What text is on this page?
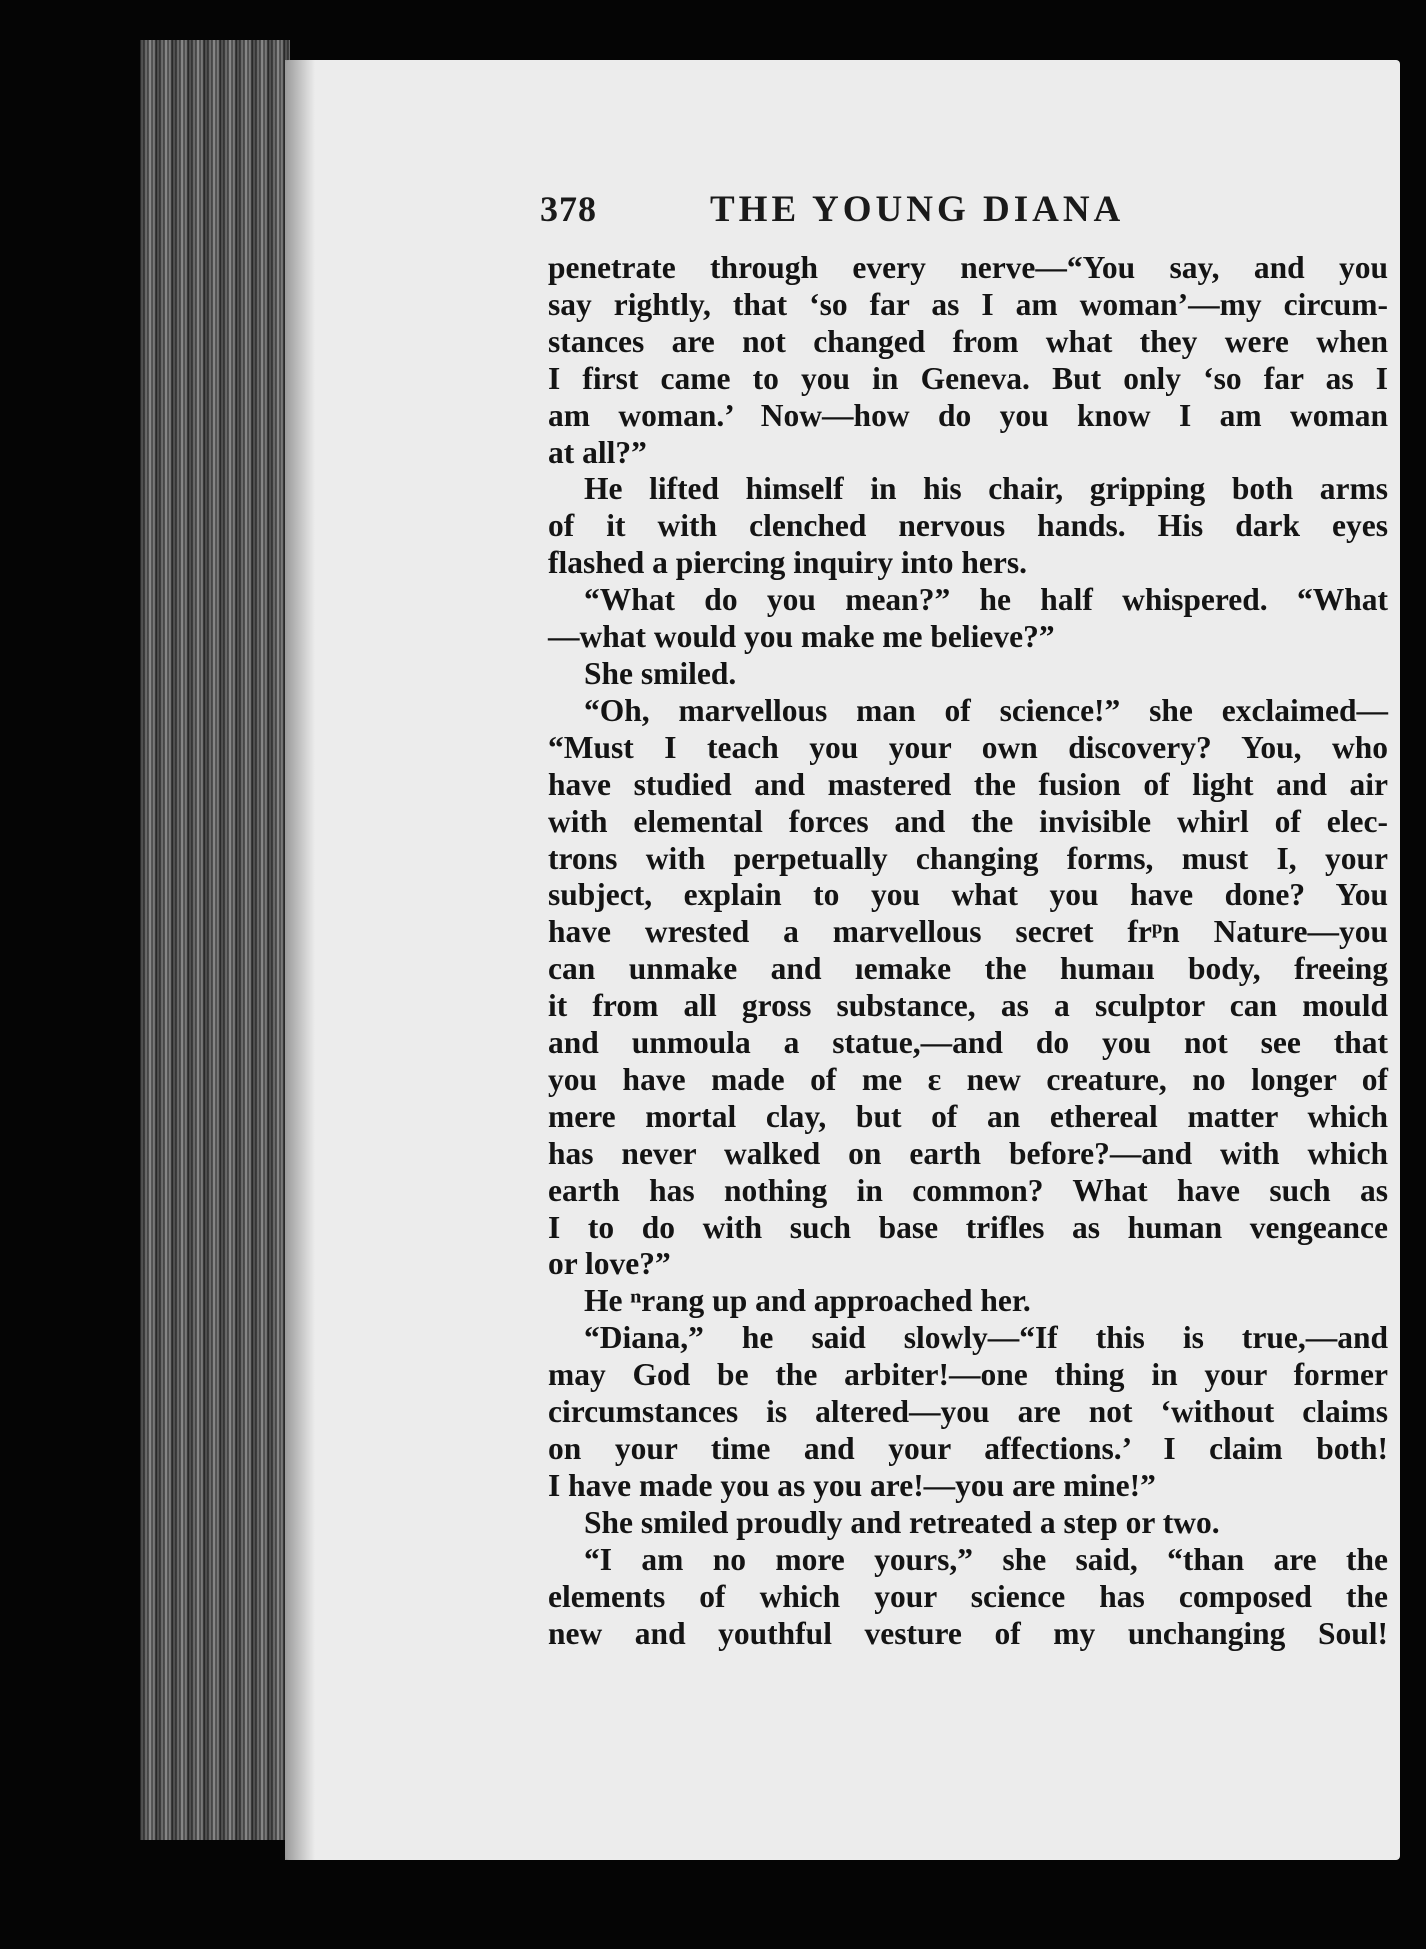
378	THE YOUNG DIANA
penetrate through every nerve—“You say, and you
say rightly, that ‘so far as I am woman’—my circum-
stances are not changed from what they were when
I first came to you in Geneva. But only ‘so far as I
am woman.’ Now—how do you know I am woman
at all?”
He lifted himself in his chair, gripping both arms
of it with clenched nervous hands. His dark eyes
flashed a piercing inquiry into hers.
“What do you mean?” he half whispered. “What
—what would you make me believe?”
She smiled.
“Oh, marvellous man of science!” she exclaimed—
“Must I teach you your own discovery? You, who
have studied and mastered the fusion of light and air
with elemental forces and the invisible whirl of elec-
trons with perpetually changing forms, must I, your
subject, explain to you what you have done? You
have wrested a marvellous secret frᵖn Nature—you
can unmake and ıemake the humaıı body, freeing
it from all gross substance, as a sculptor can mould
and unmoula a statue,—and do you not see that
you have made of me ɛ new creature, no longer of
mere mortal clay, but of an ethereal matter which
has never walked on earth before?—and with which
earth has nothing in common? What have such as
I to do with such base trifles as human vengeance
or love?”
He ⁿrang up and approached her.
“Diana,” he said slowly—“If this is true,—and
may God be the arbiter!—one thing in your former
circumstances is altered—you are not ‘without claims
on your time and your affections.’ I claim both!
I have made you as you are!—you are mine!”
She smiled proudly and retreated a step or two.
“I am no more yours,” she said, “than are the
elements of which your science has composed the
new and youthful vesture of my unchanging Soul!
